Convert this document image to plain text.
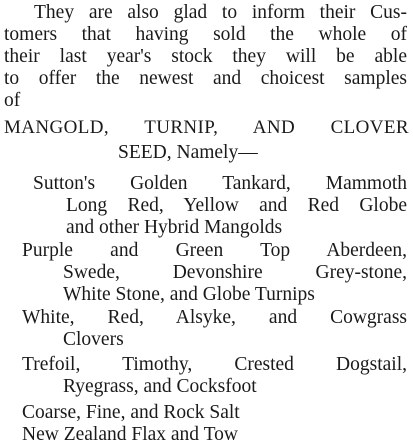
They are also glad to inform their Cus-
tomers that having sold the whole of
their last year's stock they will be able
to offer the newest and choicest samples
of
MANGOLD, TURNIP, AND CLOVER
SEED, Namely—
Sutton's Golden Tankard, Mammoth
Long Red, Yellow and Red Globe
and other Hybrid Mangolds
Purple and Green Top Aberdeen,
Swede, Devonshire Grey-stone,
White Stone, and Globe Turnips
White, Red, Alsyke, and Cowgrass
Clovers
Trefoil, Timothy, Crested Dogstail,
Ryegrass, and Cocksfoot
Coarse, Fine, and Rock Salt
New Zealand Flax and Tow
